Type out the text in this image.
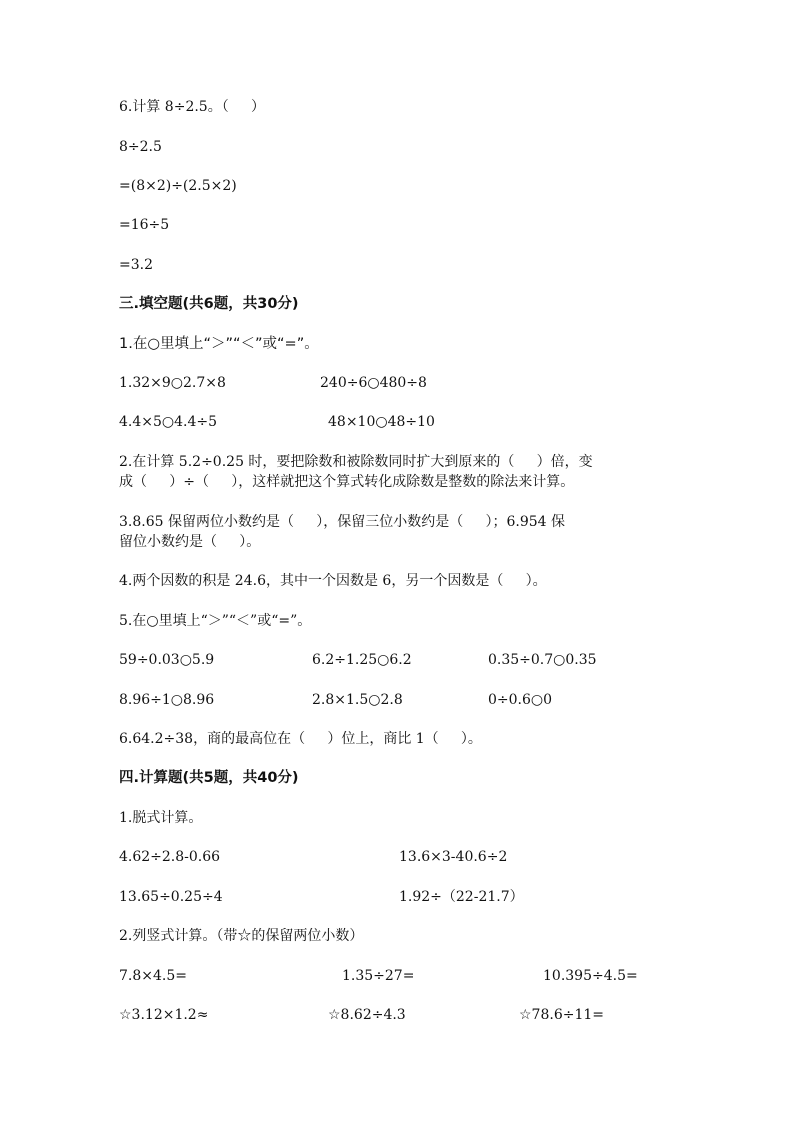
6.计算 8÷2.5。（     ）
8÷2.5
=(8×2)÷(2.5×2)
=16÷5
=3.2
三.填空题(共6题，共30分)
1.在○里填上“＞”“＜”或“=”。
1.32×9○2.7×8	240÷6○480÷8
4.4×5○4.4÷5	48×10○48÷10
2.在计算 5.2÷0.25 时，要把除数和被除数同时扩大到原来的（     ）倍，变
成（     ）÷（     ），这样就把这个算式转化成除数是整数的除法来计算。
3.8.65 保留两位小数约是（     ），保留三位小数约是（     ）；6.954 保
留位小数约是（     ）。
4.两个因数的积是 24.6，其中一个因数是 6，另一个因数是（     ）。
5.在○里填上“＞”“＜”或“=”。
59÷0.03○5.9	6.2÷1.25○6.2	0.35÷0.7○0.35
8.96÷1○8.96	2.8×1.5○2.8	0÷0.6○0
6.64.2÷38，商的最高位在（     ）位上，商比 1（     ）。
四.计算题(共5题，共40分)
1.脱式计算。
4.62÷2.8-0.66	13.6×3-40.6÷2
13.65÷0.25÷4	1.92÷（22-21.7）
2.列竖式计算。（带☆的保留两位小数）
7.8×4.5=	1.35÷27=	10.395÷4.5=
☆3.12×1.2≈	☆8.62÷4.3	☆78.6÷11=
